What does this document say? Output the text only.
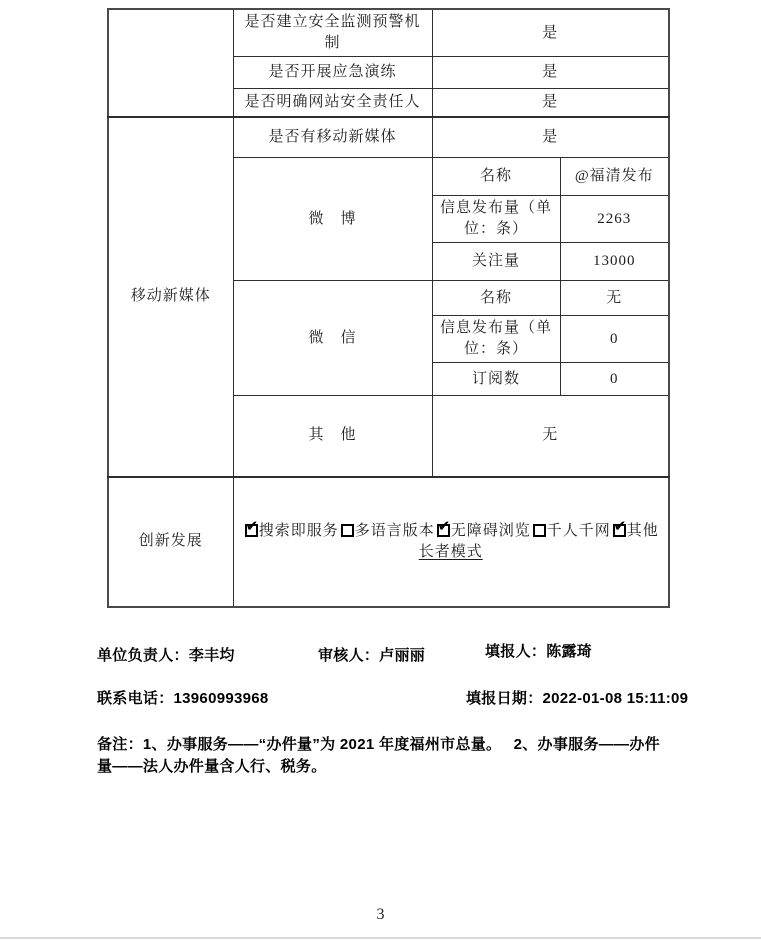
	是否建立安全监测预警机制	是	
	是否开展应急演练	是	
	是否明确网站安全责任人	是	
移动新媒体	是否有移动新媒体	是	
	微　博	名称	@福清发布
		信息发布量（单位：条）	2263
		关注量	13000
	微　信	名称	无
		信息发布量（单位：条）	0
		订阅数	0
	其　他	无	
创新发展	
✔ 搜索即服务 多语言版本 ✔ 无障碍浏览 千人千网 ✔ 其他
长者模式
单位负责人：李丰均	审核人：卢丽丽	填报人：陈露琦
联系电话：13960993968	填报日期：2022-01-08 15:11:09
备注：1、办事服务——“办件量”为 2021 年度福州市总量。　 2、办事服务——办件量——法人办件量含人行、税务。
3
